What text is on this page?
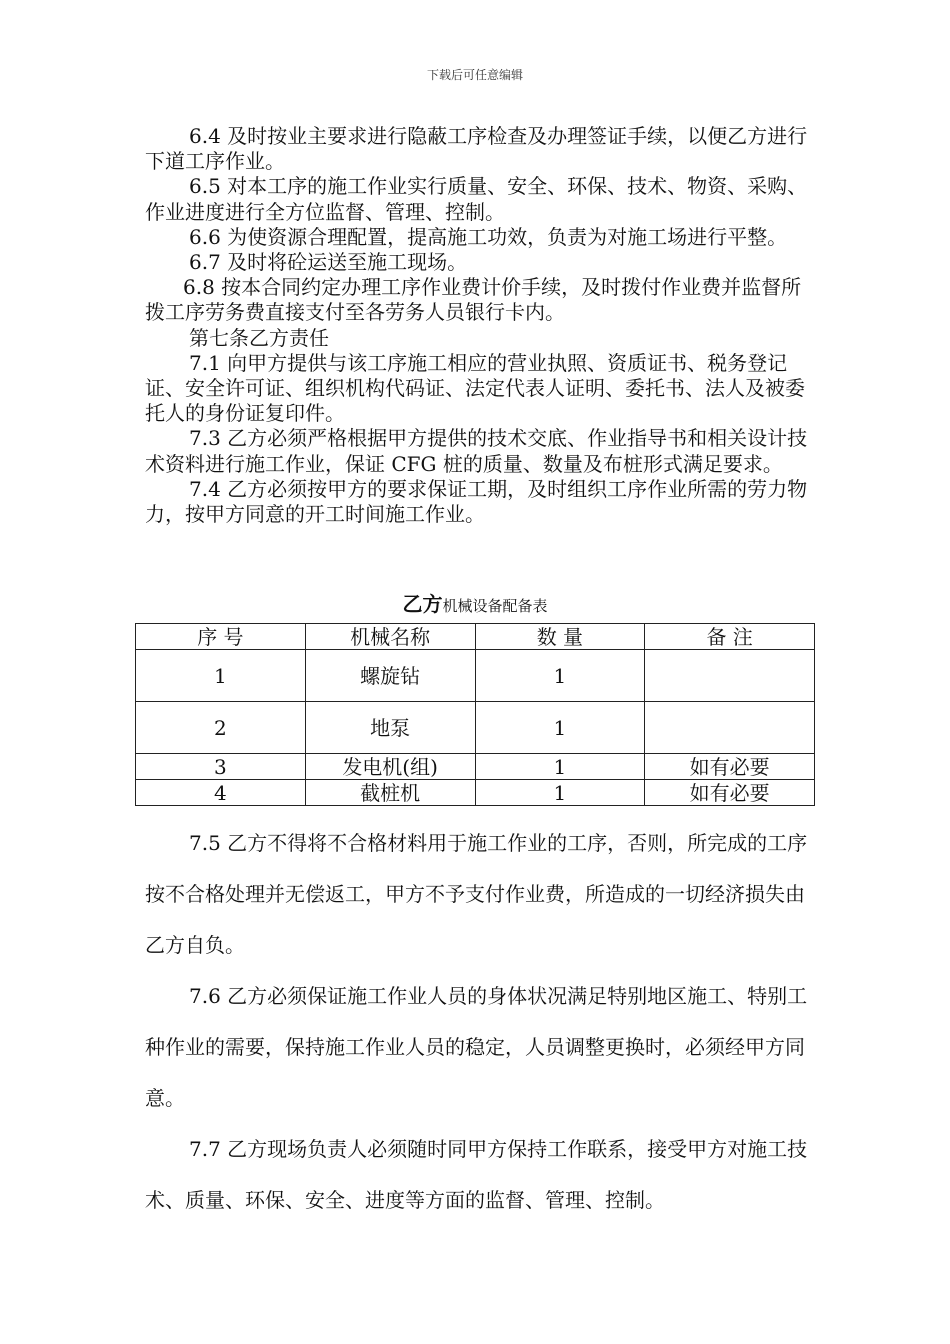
下载后可任意编辑

6.4 及时按业主要求进行隐蔽工序检查及办理签证手续，以便乙方进行下道工序作业。

6.5 对本工序的施工作业实行质量、安全、环保、技术、物资、采购、作业进度进行全方位监督、管理、控制。

6.6 为使资源合理配置，提高施工功效，负责为对施工场进行平整。

6.7 及时将砼运送至施工现场。

6.8 按本合同约定办理工序作业费计价手续，及时拨付作业费并监督所拨工序劳务费直接支付至各劳务人员银行卡内。

第七条乙方责任

7.1 向甲方提供与该工序施工相应的营业执照、资质证书、税务登记证、安全许可证、组织机构代码证、法定代表人证明、委托书、法人及被委托人的身份证复印件。

7.3 乙方必须严格根据甲方提供的技术交底、作业指导书和相关设计技术资料进行施工作业，保证 CFG 桩的质量、数量及布桩形式满足要求。

7.4 乙方必须按甲方的要求保证工期，及时组织工序作业所需的劳力物力，按甲方同意的开工时间施工作业。

乙方机械设备配备表
序 号	机械名称	数 量	备 注
1	螺旋钻	1	
2	地泵	1	
3	发电机(组)	1	如有必要
4	截桩机	1	如有必要

7.5 乙方不得将不合格材料用于施工作业的工序，否则，所完成的工序按不合格处理并无偿返工，甲方不予支付作业费，所造成的一切经济损失由乙方自负。

7.6 乙方必须保证施工作业人员的身体状况满足特别地区施工、特别工种作业的需要，保持施工作业人员的稳定，人员调整更换时，必须经甲方同意。

7.7 乙方现场负责人必须随时同甲方保持工作联系，接受甲方对施工技术、质量、环保、安全、进度等方面的监督、管理、控制。
